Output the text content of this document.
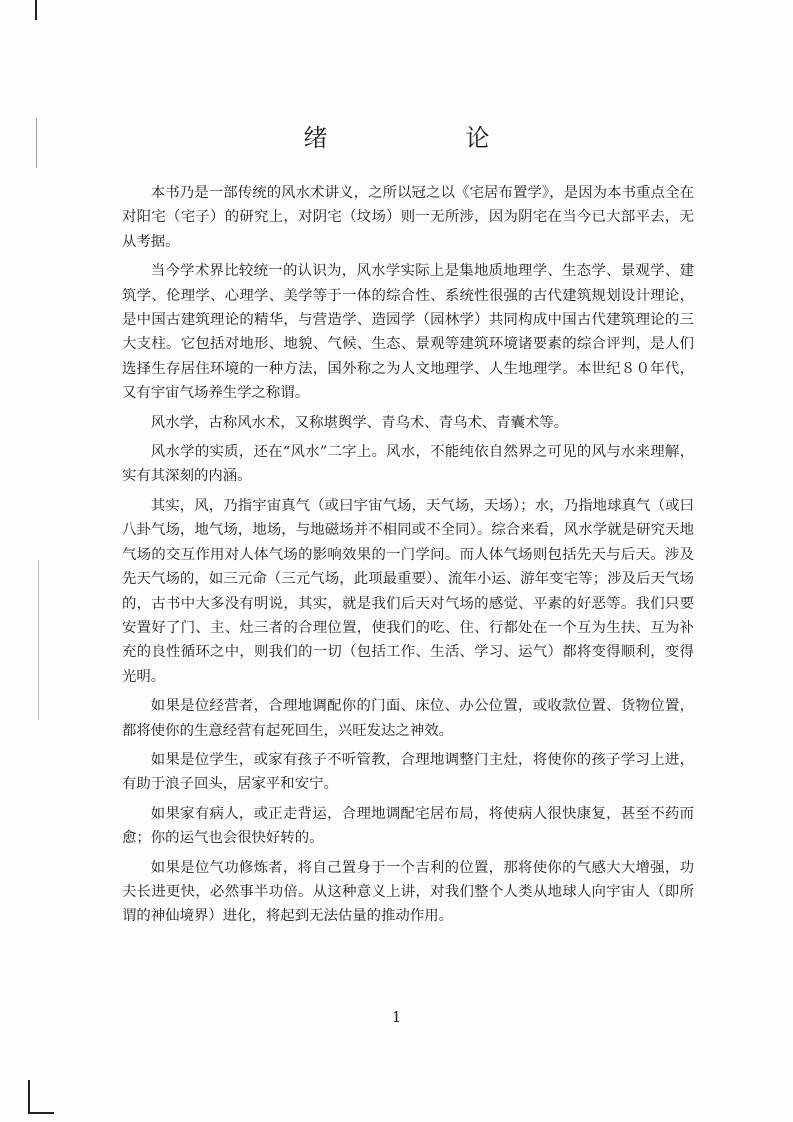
绪	论

本书乃是一部传统的风水术讲义，之所以冠之以《宅居布置学》，是因为本书重点全在对阳宅（宅子）的研究上，对阴宅（坟场）则一无所涉，因为阴宅在当今已大部平去，无从考据。

当今学术界比较统一的认识为，风水学实际上是集地质地理学、生态学、景观学、建筑学、伦理学、心理学、美学等于一体的综合性、系统性很强的古代建筑规划设计理论，是中国古建筑理论的精华，与营造学、造园学（园林学）共同构成中国古代建筑理论的三大支柱。它包括对地形、地貌、气候、生态、景观等建筑环境诸要素的综合评判，是人们选择生存居住环境的一种方法，国外称之为人文地理学、人生地理学。本世纪８０年代，又有宇宙气场养生学之称谓。

风水学，古称风水术，又称堪舆学、青乌术、青乌术、青囊术等。

风水学的实质，还在“风水”二字上。风水，不能纯依自然界之可见的风与水来理解，实有其深刻的内涵。

其实，风，乃指宇宙真气（或曰宇宙气场，天气场，天场）；水，乃指地球真气（或曰八卦气场，地气场，地场，与地磁场并不相同或不全同）。综合来看，风水学就是研究天地气场的交互作用对人体气场的影响效果的一门学问。而人体气场则包括先天与后天。涉及先天气场的，如三元命（三元气场，此项最重要）、流年小运、游年变宅等；涉及后天气场的，古书中大多没有明说，其实，就是我们后天对气场的感觉、平素的好恶等。我们只要安置好了门、主、灶三者的合理位置，使我们的吃、住、行都处在一个互为生扶、互为补充的良性循环之中，则我们的一切（包括工作、生活、学习、运气）都将变得顺利，变得光明。

如果是位经营者，合理地调配你的门面、床位、办公位置，或收款位置、货物位置，都将使你的生意经营有起死回生，兴旺发达之神效。

如果是位学生，或家有孩子不听管教，合理地调整门主灶，将使你的孩子学习上进，有助于浪子回头，居家平和安宁。

如果家有病人，或正走背运，合理地调配宅居布局，将使病人很快康复，甚至不药而愈；你的运气也会很快好转的。

如果是位气功修炼者，将自己置身于一个吉利的位置，那将使你的气感大大增强，功夫长进更快，必然事半功倍。从这种意义上讲，对我们整个人类从地球人向宇宙人（即所谓的神仙境界）进化，将起到无法估量的推动作用。

1
